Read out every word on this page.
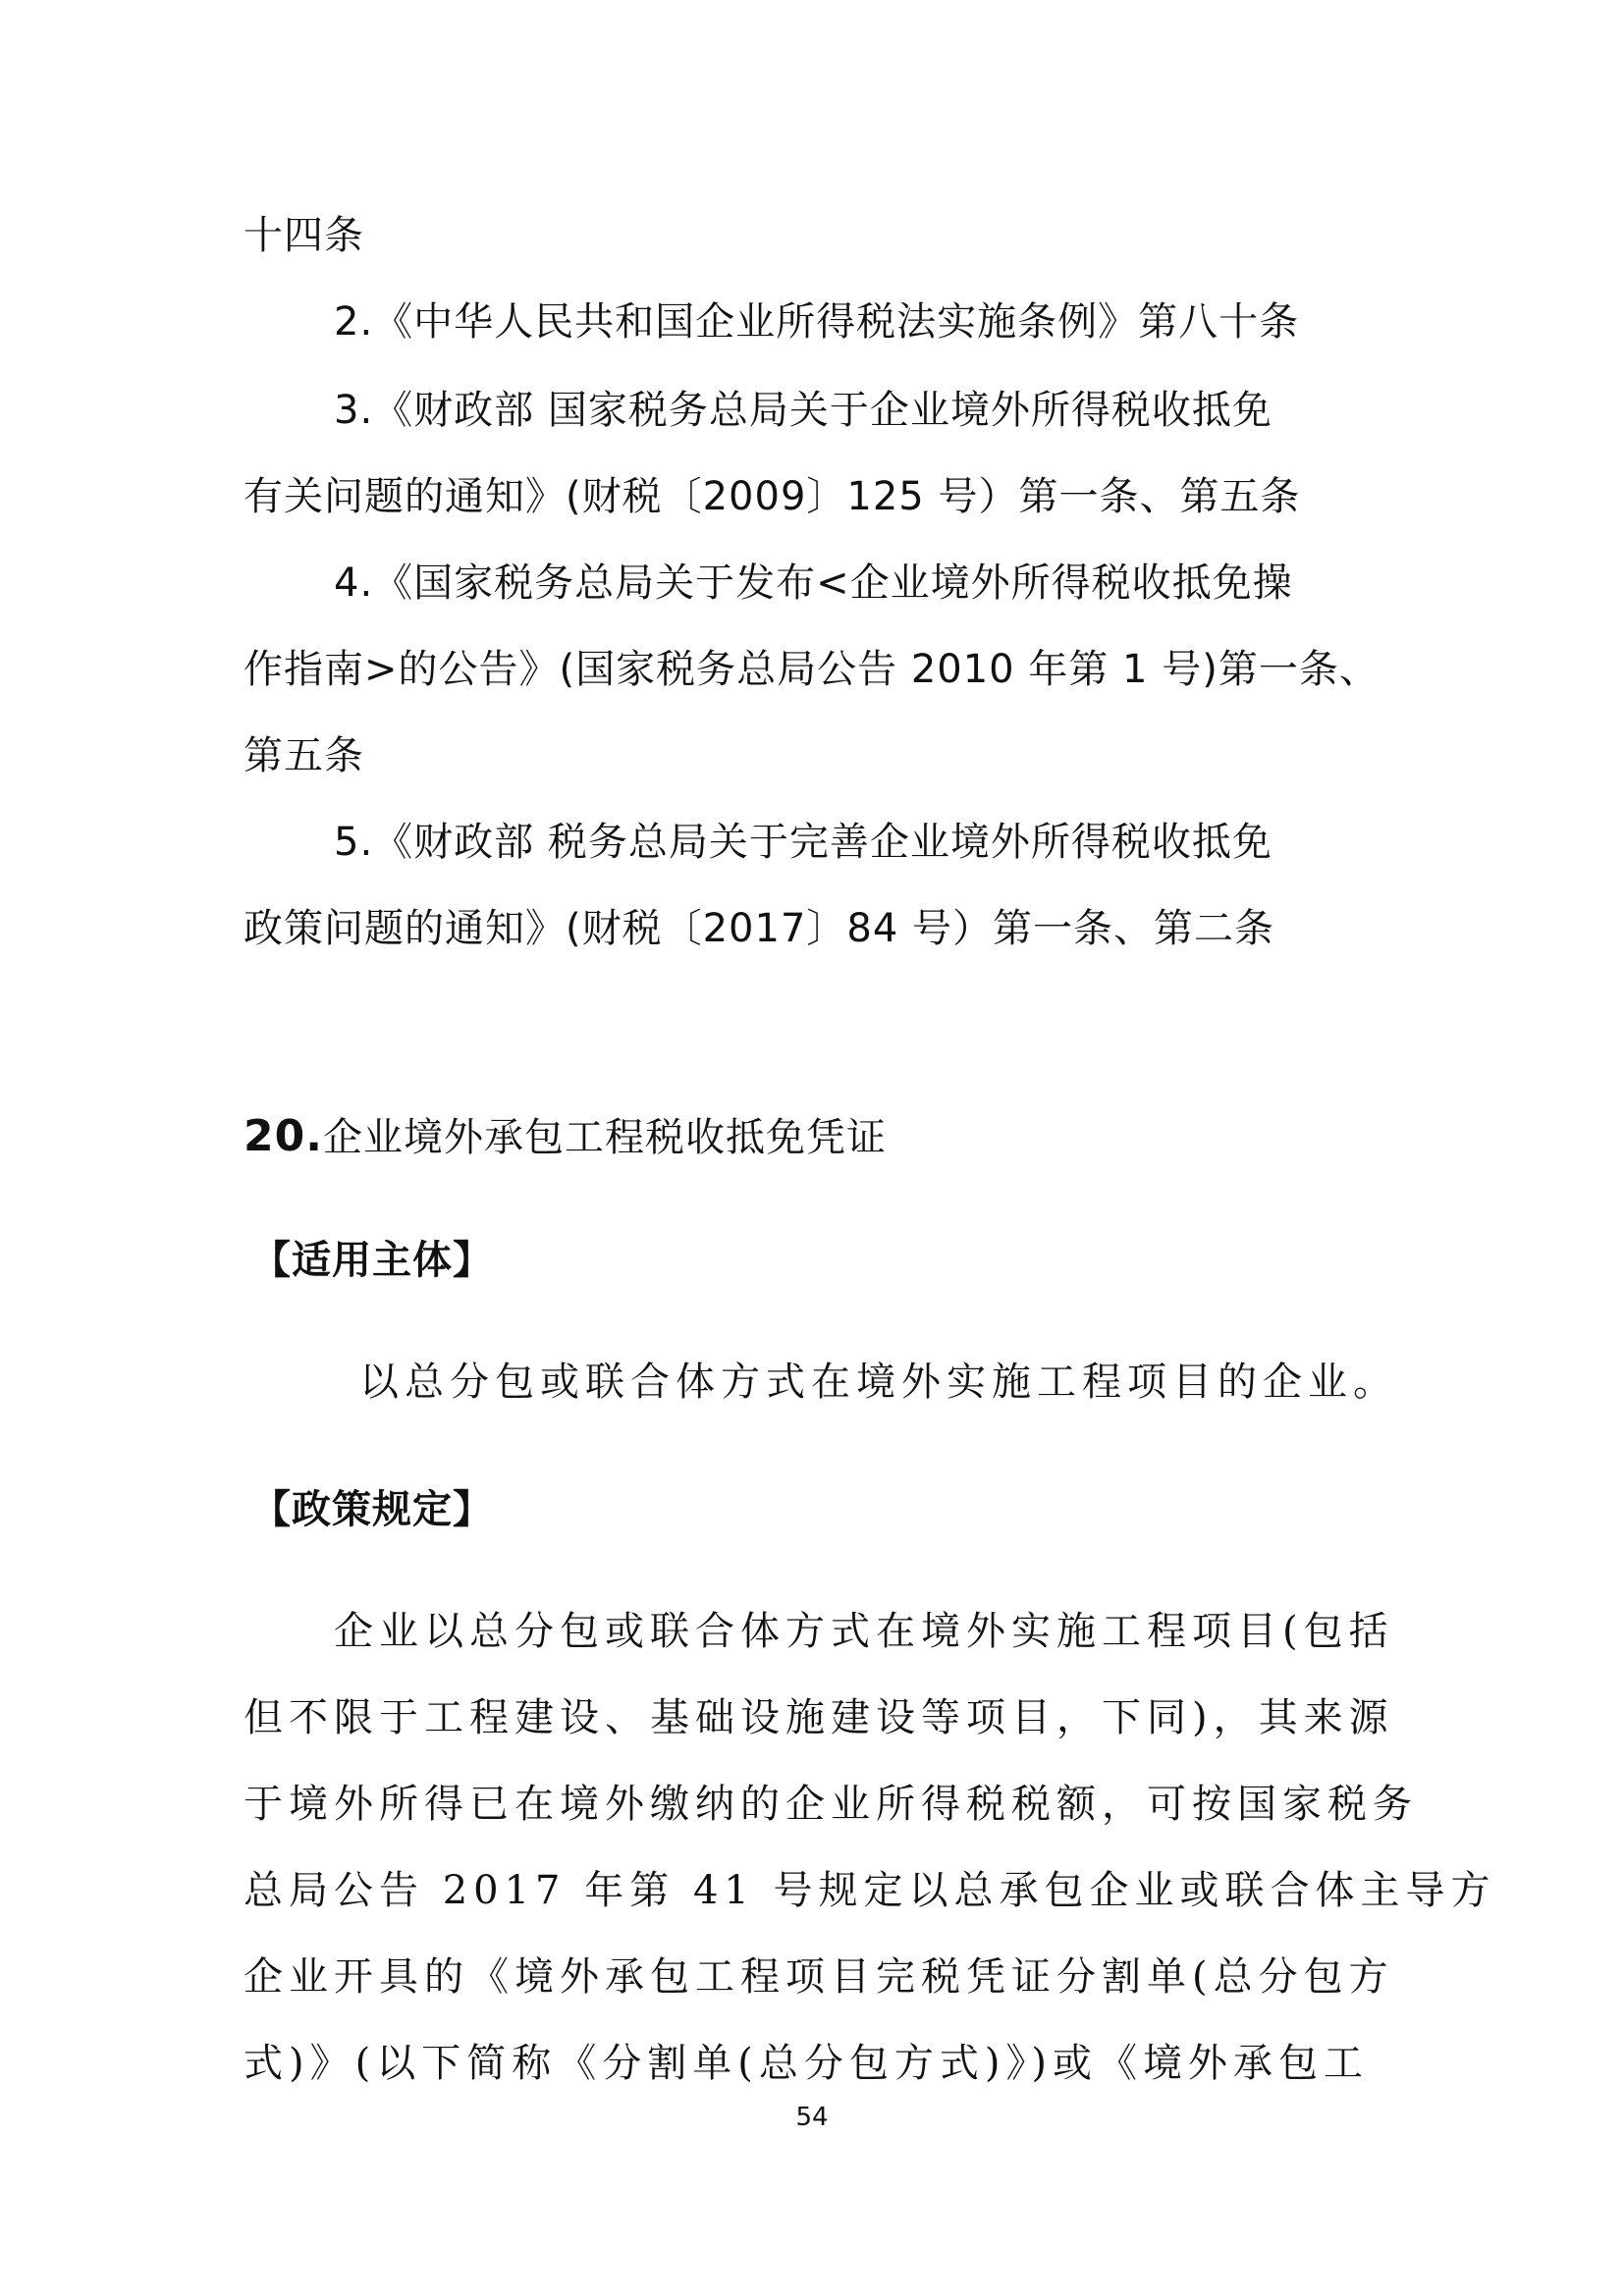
十四条
2.《中华人民共和国企业所得税法实施条例》第八十条
3.《财政部 国家税务总局关于企业境外所得税收抵免
有关问题的通知》(财税〔2009〕125 号）第一条、第五条
4.《国家税务总局关于发布<企业境外所得税收抵免操
作指南>的公告》(国家税务总局公告 2010 年第 1 号)第一条、
第五条
5.《财政部 税务总局关于完善企业境外所得税收抵免
政策问题的通知》(财税〔2017〕84 号）第一条、第二条
20.企业境外承包工程税收抵免凭证
【适用主体】
以总分包或联合体方式在境外实施工程项目的企业。
【政策规定】
企业以总分包或联合体方式在境外实施工程项目(包括
但不限于工程建设、基础设施建设等项目，下同)，其来源
于境外所得已在境外缴纳的企业所得税税额，可按国家税务
总局公告 2017 年第 41 号规定以总承包企业或联合体主导方
企业开具的《境外承包工程项目完税凭证分割单(总分包方
式)》(以下简称《分割单(总分包方式)》)或《境外承包工
54
